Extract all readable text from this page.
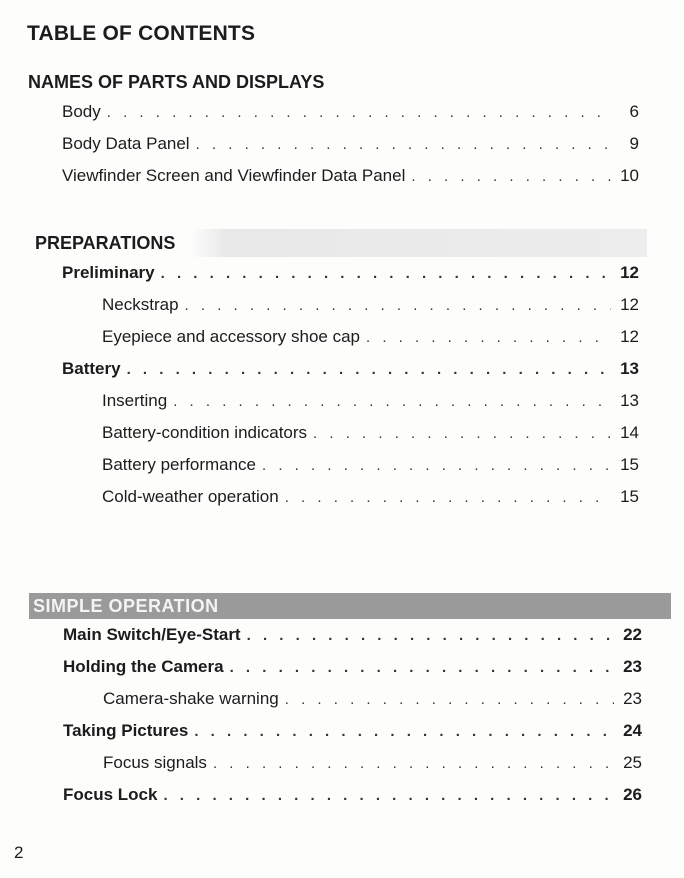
TABLE OF CONTENTS
NAMES OF PARTS AND DISPLAYS
Body . . .	6
Body Data Panel . . .	9
Viewfinder Screen and Viewfinder Data Panel . . .	10
PREPARATIONS
Preliminary . . .	12
Neckstrap . . .	12
Eyepiece and accessory shoe cap . . .	12
Battery . . .	13
Inserting . . .	13
Battery-condition indicators . . .	14
Battery performance . . .	15
Cold-weather operation . . .	15
SIMPLE OPERATION
Main Switch/Eye-Start . . .	22
Holding the Camera . . .	23
Camera-shake warning . . .	23
Taking Pictures . . .	24
Focus signals . . .	25
Focus Lock . . .	26
2
